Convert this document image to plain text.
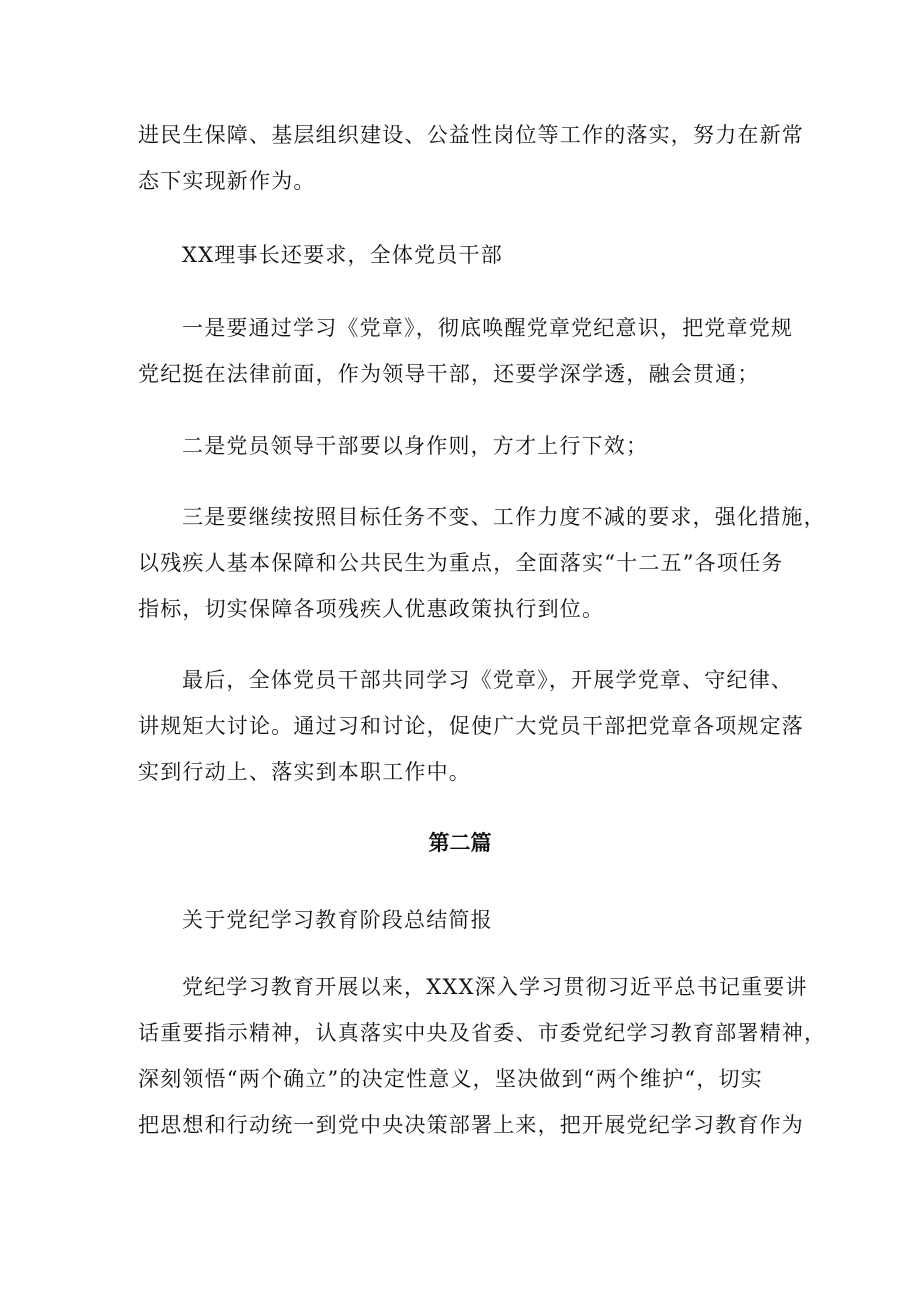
进民生保障、基层组织建设、公益性岗位等工作的落实，努力在新常
态下实现新作为。

XX理事长还要求，全体党员干部

一是要通过学习《党章》，彻底唤醒党章党纪意识，把党章党规
党纪挺在法律前面，作为领导干部，还要学深学透，融会贯通；

二是党员领导干部要以身作则，方才上行下效；

三是要继续按照目标任务不变、工作力度不减的要求，强化措施，
以残疾人基本保障和公共民生为重点，全面落实“十二五”各项任务
指标，切实保障各项残疾人优惠政策执行到位。

最后，全体党员干部共同学习《党章》，开展学党章、守纪律、
讲规矩大讨论。通过习和讨论，促使广大党员干部把党章各项规定落
实到行动上、落实到本职工作中。

第二篇

关于党纪学习教育阶段总结简报

党纪学习教育开展以来，XXX深入学习贯彻习近平总书记重要讲
话重要指示精神，认真落实中央及省委、市委党纪学习教育部署精神，
深刻领悟“两个确立”的决定性意义，坚决做到“两个维护“，切实
把思想和行动统一到党中央决策部署上来，把开展党纪学习教育作为
